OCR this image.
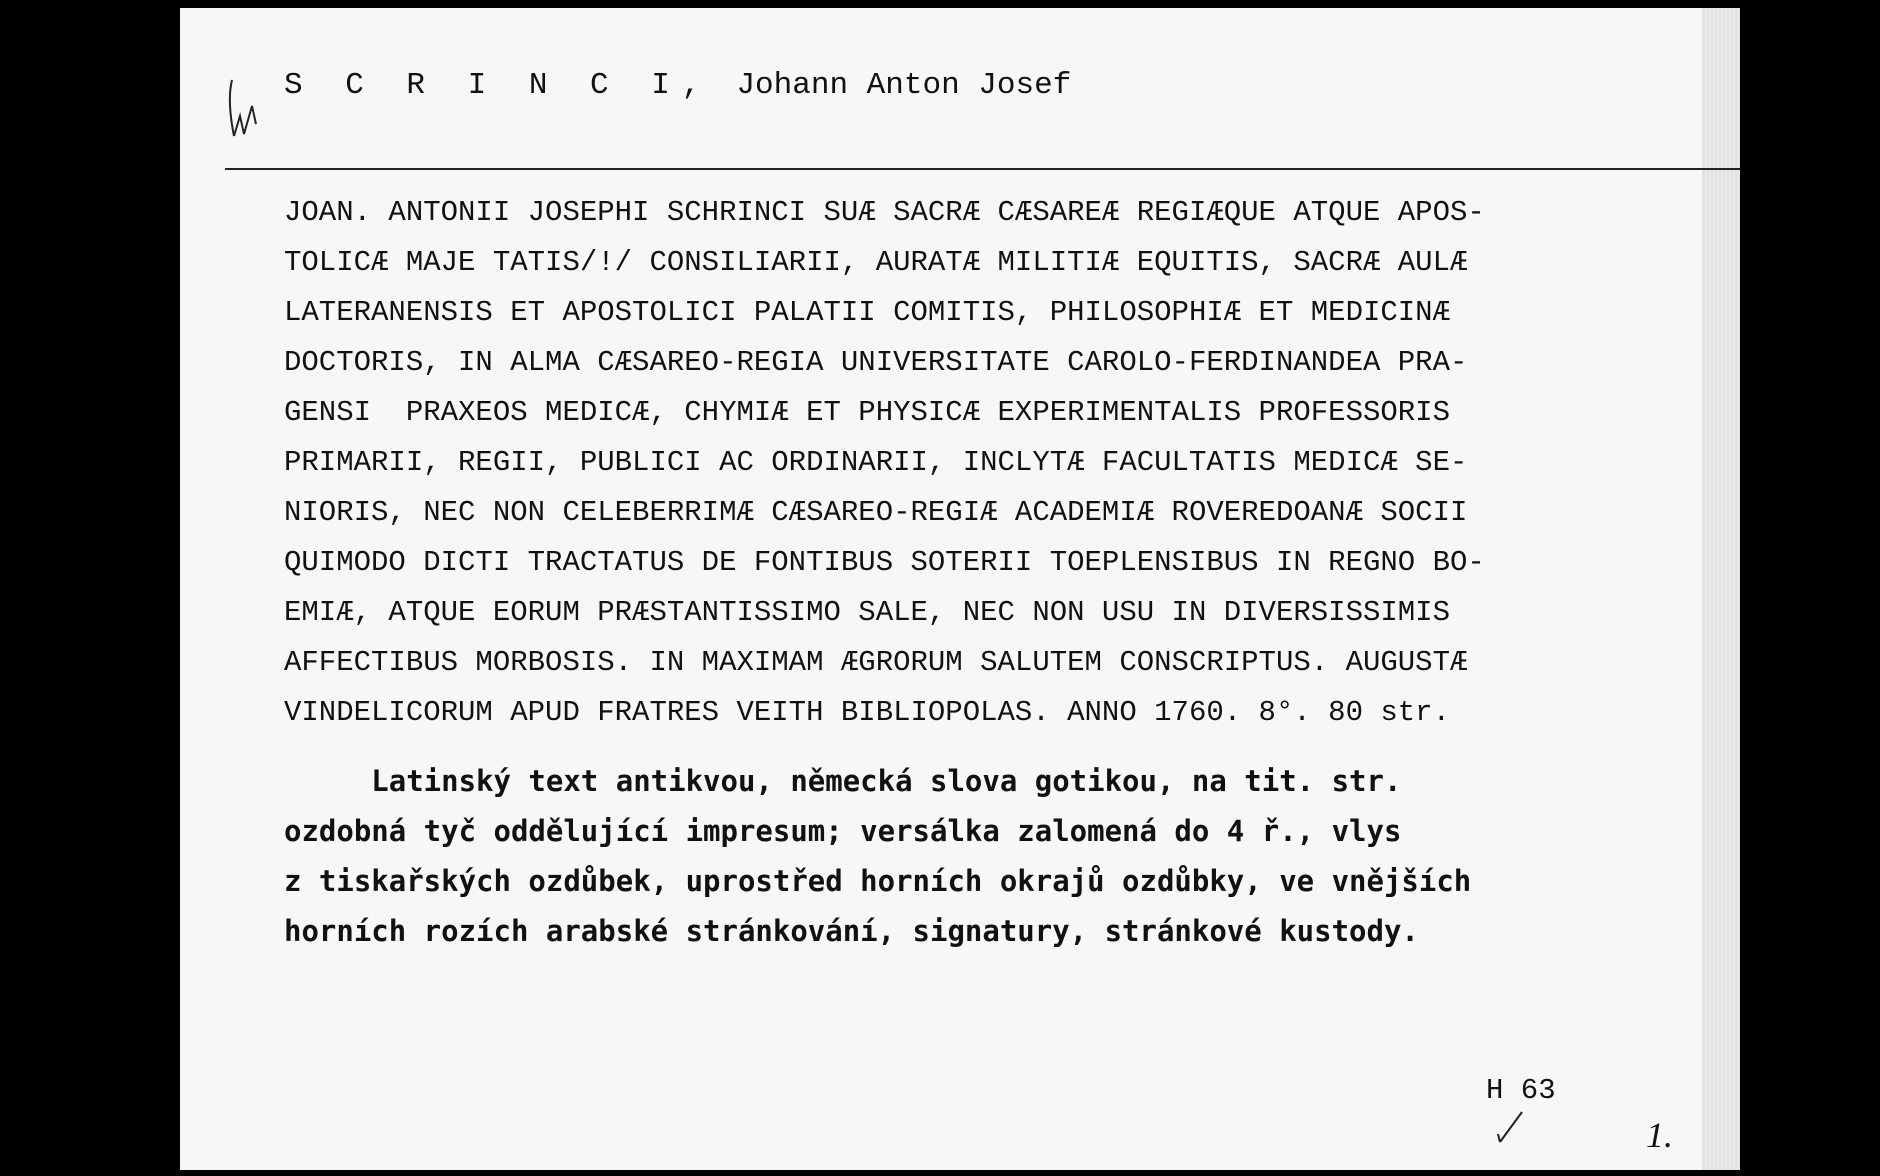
S C R I N C I, Johann Anton Josef
JOAN. ANTONII JOSEPHI SCHRINCI SUÆ SACRÆ CÆSAREÆ REGIÆQUE ATQUE APOS-
TOLICÆ MAJE TATIS/!/ CONSILIARII, AURATÆ MILITIÆ EQUITIS, SACRÆ AULÆ
LATERANENSIS ET APOSTOLICI PALATII COMITIS, PHILOSOPHIÆ ET MEDICINÆ
DOCTORIS, IN ALMA CÆSAREO-REGIA UNIVERSITATE CAROLO-FERDINANDEA PRA-
GENSI  PRAXEOS MEDICÆ, CHYMIÆ ET PHYSICÆ EXPERIMENTALIS PROFESSORIS
PRIMARII, REGII, PUBLICI AC ORDINARII, INCLYTÆ FACULTATIS MEDICÆ SE-
NIORIS, NEC NON CELEBERRIMÆ CÆSAREO-REGIÆ ACADEMIÆ ROVEREDOANÆ SOCII
QUIMODO DICTI TRACTATUS DE FONTIBUS SOTERII TOEPLENSIBUS IN REGNO BO-
EMIÆ, ATQUE EORUM PRÆSTANTISSIMO SALE, NEC NON USU IN DIVERSISSIMIS
AFFECTIBUS MORBOSIS. IN MAXIMAM ÆGRORUM SALUTEM CONSCRIPTUS. AUGUSTÆ
VINDELICORUM APUD FRATRES VEITH BIBLIOPOLAS. ANNO 1760. 8°. 80 str.
Latinský text antikvou, německá slova gotikou, na tit. str.
ozdobná tyč oddělující impresum; versálka zalomená do 4 ř., vlys
z tiskařských ozdůbek, uprostřed horních okrajů ozdůbky, ve vnějších
horních rozích arabské stránkování, signatury, stránkové kustody.
H 63
1.
